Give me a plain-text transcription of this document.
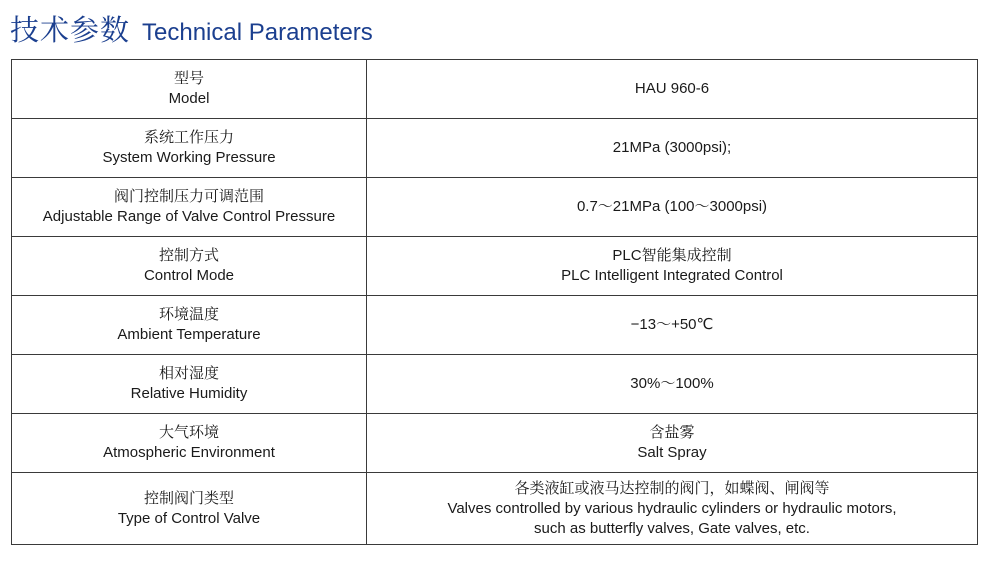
技术参数 Technical Parameters
型号
Model	HAU 960-6

系统工作压力
System Working Pressure	21MPa (3000psi);

阀门控制压力可调范围
Adjustable Range of Valve Control Pressure	0.7～21MPa (100～3000psi)

控制方式
Control Mode	PLC智能集成控制
PLC Intelligent Integrated Control

环境温度
Ambient Temperature	−13～+50℃

相对湿度
Relative Humidity	30%～100%

大气环境
Atmospheric Environment	含盐雾
Salt Spray

控制阀门类型
Type of Control Valve	各类液缸或液马达控制的阀门，如蝶阀、闸阀等
Valves controlled by various hydraulic cylinders or hydraulic motors,
such as butterfly valves, Gate valves, etc.
